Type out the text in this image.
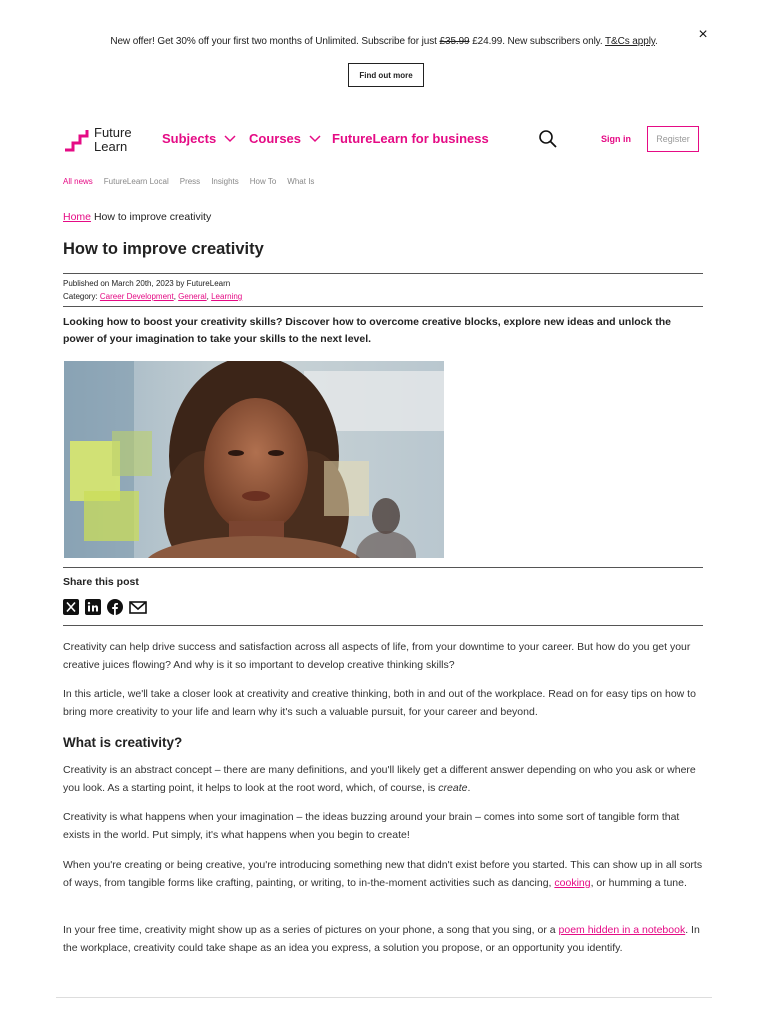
New offer! Get 30% off your first two months of Unlimited. Subscribe for just £35.99 £24.99. New subscribers only. T&Cs apply.	×
Find out more
Future
Learn
Subjects	Courses FutureLearn for business	Sign in	Register
All news FutureLearn Local Press Insights How To What Is
Home How to improve creativity
How to improve creativity
Published on March 20th, 2023 by FutureLearn
Category: Career Development, General, Learning

Looking how to boost your creativity skills? Discover how to overcome creative blocks, explore new ideas and unlock the power of your imagination to take your skills to the next level.

Share this post

Creativity can help drive success and satisfaction across all aspects of life, from your downtime to your career. But how do you get your creative juices flowing? And why is it so important to develop creative thinking skills?

In this article, we'll take a closer look at creativity and creative thinking, both in and out of the workplace. Read on for easy tips on how to bring more creativity to your life and learn why it's such a valuable pursuit, for your career and beyond.

What is creativity?

Creativity is an abstract concept – there are many definitions, and you'll likely get a different answer depending on who you ask or where you look. As a starting point, it helps to look at the root word, which, of course, is create.

Creativity is what happens when your imagination – the ideas buzzing around your brain – comes into some sort of tangible form that exists in the world. Put simply, it's what happens when you begin to create!

When you're creating or being creative, you're introducing something new that didn't exist before you started. This can show up in all sorts of ways, from tangible forms like crafting, painting, or writing, to in-the-moment activities such as dancing, cooking, or humming a tune.

In your free time, creativity might show up as a series of pictures on your phone, a song that you sing, or a poem hidden in a notebook. In the workplace, creativity could take shape as an idea you express, a solution you propose, or an opportunity you identify.
